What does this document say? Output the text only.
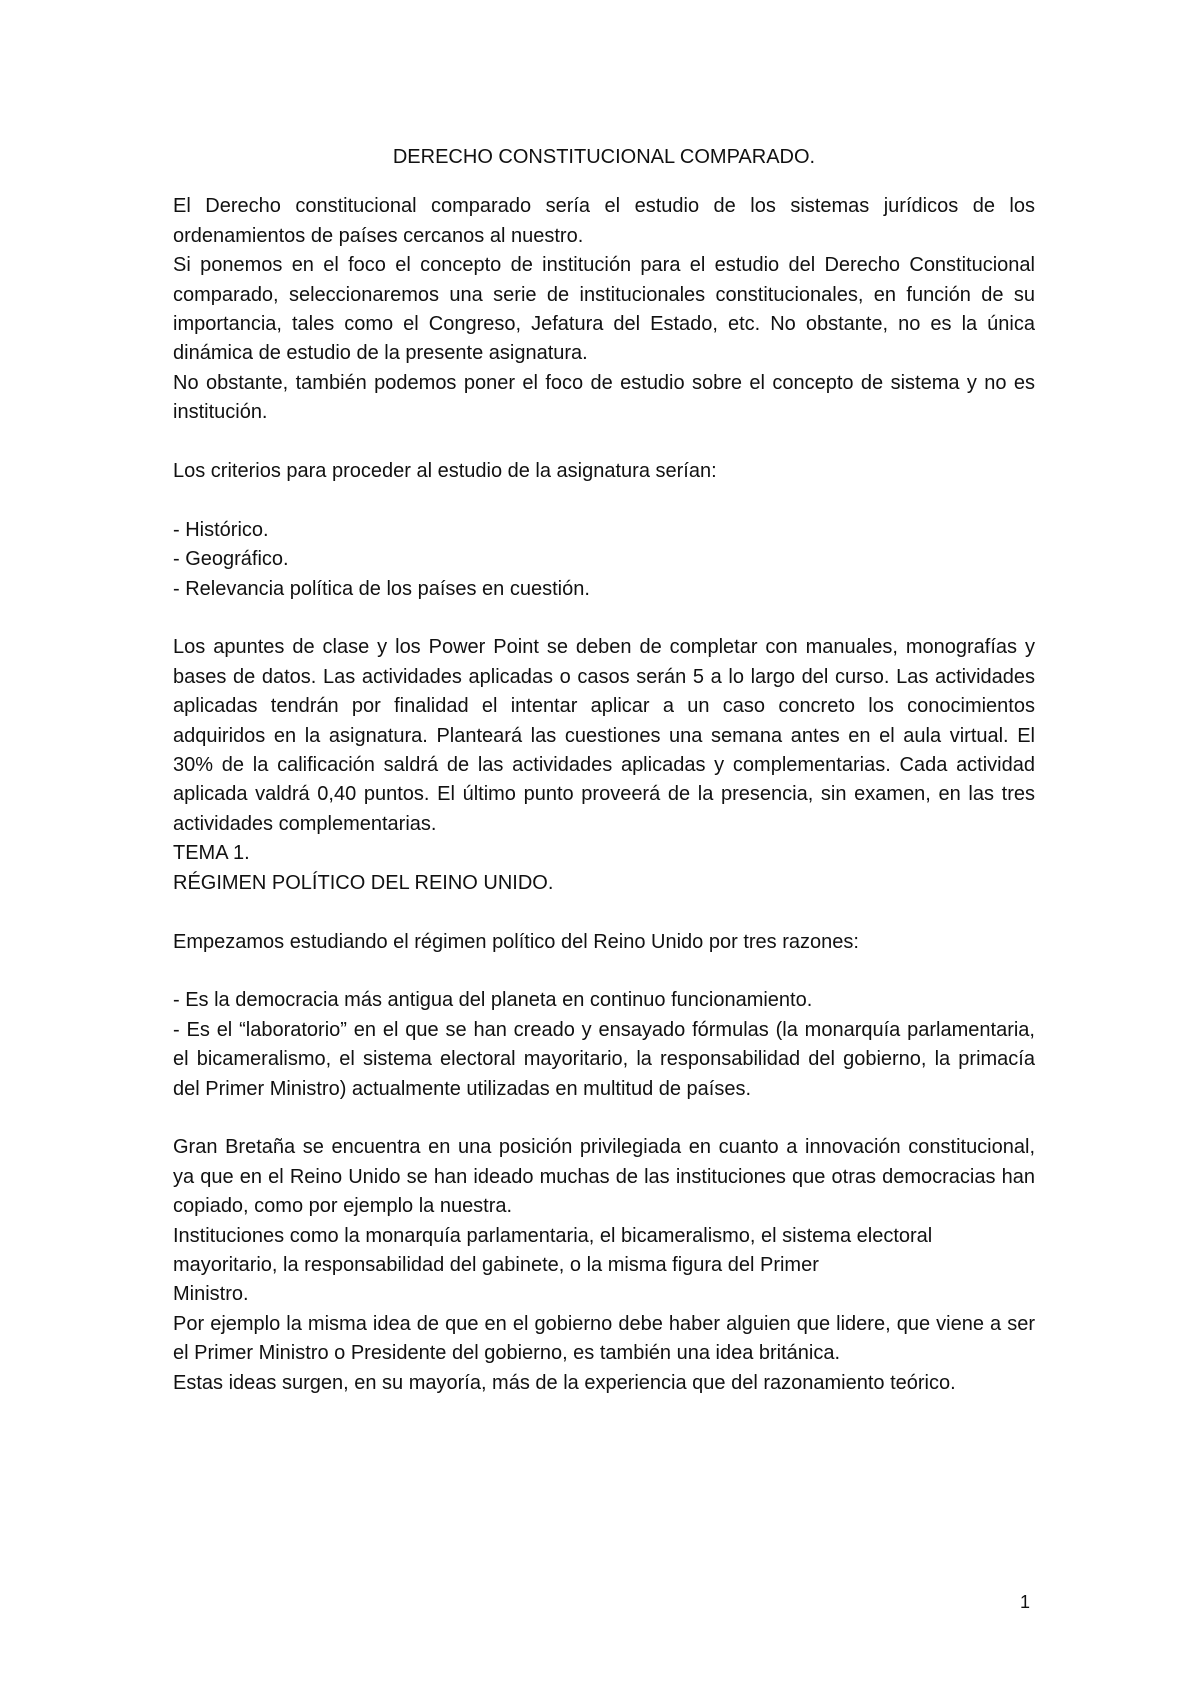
DERECHO CONSTITUCIONAL COMPARADO.

El Derecho constitucional comparado sería el estudio de los sistemas jurídicos de los ordenamientos de países cercanos al nuestro.

Si ponemos en el foco el concepto de institución para el estudio del Derecho Constitucional comparado, seleccionaremos una serie de institucionales constitucionales, en función de su importancia, tales como el Congreso, Jefatura del Estado, etc. No obstante, no es la única dinámica de estudio de la presente asignatura.

No obstante, también podemos poner el foco de estudio sobre el concepto de sistema y no es institución.

Los criterios para proceder al estudio de la asignatura serían:

- Histórico.
- Geográfico.
- Relevancia política de los países en cuestión.

Los apuntes de clase y los Power Point se deben de completar con manuales, monografías y bases de datos. Las actividades aplicadas o casos serán 5 a lo largo del curso. Las actividades aplicadas tendrán por finalidad el intentar aplicar a un caso concreto los conocimientos adquiridos en la asignatura. Planteará las cuestiones una semana antes en el aula virtual. El 30% de la calificación saldrá de las actividades aplicadas y complementarias. Cada actividad aplicada valdrá 0,40 puntos. El último punto proveerá de la presencia, sin examen, en las tres actividades complementarias.

TEMA 1.
RÉGIMEN POLÍTICO DEL REINO UNIDO.

Empezamos estudiando el régimen político del Reino Unido por tres razones:

- Es la democracia más antigua del planeta en continuo funcionamiento.

- Es el “laboratorio” en el que se han creado y ensayado fórmulas (la monarquía parlamentaria, el bicameralismo, el sistema electoral mayoritario, la responsabilidad del gobierno, la primacía del Primer Ministro) actualmente utilizadas en multitud de países.

Gran Bretaña se encuentra en una posición privilegiada en cuanto a innovación constitucional, ya que en el Reino Unido se han ideado muchas de las instituciones que otras democracias han copiado, como por ejemplo la nuestra.

Instituciones como la monarquía parlamentaria, el bicameralismo, el sistema electoral mayoritario, la responsabilidad del gabinete, o la misma figura del Primer

Ministro.

Por ejemplo la misma idea de que en el gobierno debe haber alguien que lidere, que viene a ser el Primer Ministro o Presidente del gobierno, es también una idea británica.

Estas ideas surgen, en su mayoría, más de la experiencia que del razonamiento teórico.

1
